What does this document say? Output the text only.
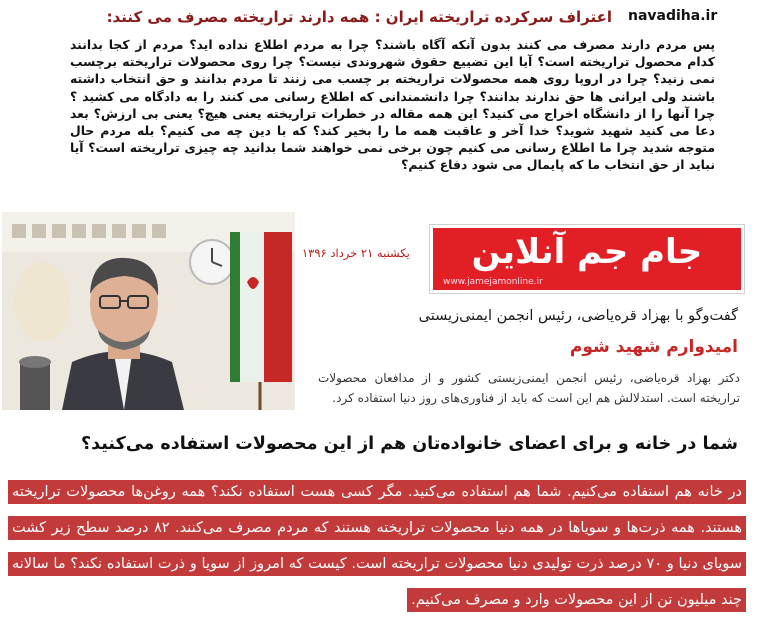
navadiha.ir
اعتراف سرکرده تراریخته ایران : همه دارند تراریخته مصرف می کنند:

پس مردم دارند مصرف می کنند بدون آنکه آگاه باشند؟ چرا به مردم اطلاع نداده اید؟ مردم از کجا بدانند کدام محصول تراریخته است؟ آیا این تضییع حقوق شهروندی نیست؟ چرا روی محصولات تراریخته برچسب نمی زنید؟ چرا در اروپا روی همه محصولات تراریخته بر چسب می زنند تا مردم بدانند و حق انتخاب داشته باشند ولی ایرانی ها حق ندارند بدانند؟ چرا دانشمندانی که اطلاع رسانی می کنند را به دادگاه می کشید ؟ چرا آنها را از دانشگاه اخراج می کنید؟ این همه مقاله در خطرات تراریخته یعنی هیچ؟ یعنی بی ارزش؟ بعد دعا می کنید شهید شوید؟ خدا آخر و عاقبت همه ما را بخیر کند؟ که با دین چه می کنیم؟ بله مردم حال متوجه شدید چرا ما اطلاع رسانی می کنیم چون برخی نمی خواهند شما بدانید چه چیزی تراریخته است؟ آیا نباید از حق انتخاب ما که پایمال می شود دفاع کنیم؟

جام جم آنلاین
www.jamejamonline.ir
یکشنبه ۲۱ خرداد ۱۳۹۶
گفت‌وگو با بهزاد قره‌یاضی، رئیس انجمن ایمنی‌زیستی
امیدوارم شهید شوم

دکتر بهزاد قره‌یاضی، رئیس انجمن ایمنی‌زیستی کشور و از مدافعان محصولات تراریخته است. استدلالش هم این است که باید از فناوری‌های روز دنیا استفاده کرد.

شما در خانه و برای اعضای خانواده‌تان هم از این محصولات استفاده می‌کنید؟

در خانه هم استفاده می‌کنیم. شما هم استفاده می‌کنید. مگر کسی هست استفاده نکند؟ همه روغن‌ها محصولات تراریخته هستند. همه ذرت‌ها و سویاها در همه دنیا محصولات تراریخته هستند که مردم مصرف می‌کنند. ۸۲ درصد سطح زیر کشت سویای دنیا و ۷۰ درصد ذرت تولیدی دنیا محصولات تراریخته است. کیست که امروز از سویا و ذرت استفاده نکند؟ ما سالانه چند میلیون تن از این محصولات وارد و مصرف می‌کنیم.
